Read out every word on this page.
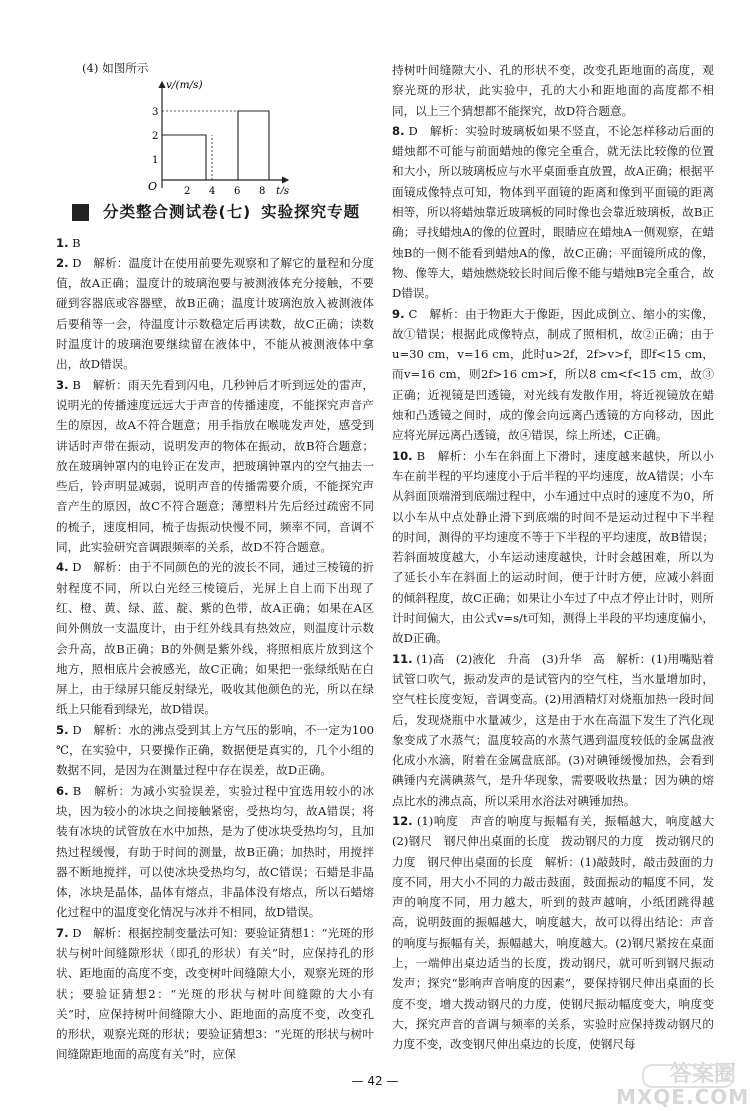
(4) 如图所示
v/(m/s)
t/s
O
1
2
3
2 4 6 8
分类整合测试卷(七) 实验探究专题

1. B

2. D　解析：温度计在使用前要先观察和了解它的量程和分度值，故A正确；温度计的玻璃泡要与被测液体充分接触，不要碰到容器底或容器壁，故B正确；温度计玻璃泡放入被测液体后要稍等一会，待温度计示数稳定后再读数，故C正确；读数时温度计的玻璃泡要继续留在液体中，不能从被测液体中拿出，故D错误。

3. B　解析：雨天先看到闪电，几秒钟后才听到远处的雷声，说明光的传播速度远远大于声音的传播速度，不能探究声音产生的原因，故A不符合题意；用手指放在喉咙发声处，感受到讲话时声带在振动，说明发声的物体在振动，故B符合题意；放在玻璃钟罩内的电铃正在发声，把玻璃钟罩内的空气抽去一些后，铃声明显减弱，说明声音的传播需要介质，不能探究声音产生的原因，故C不符合题意；薄塑料片先后经过疏密不同的梳子，速度相同，梳子齿振动快慢不同，频率不同，音调不同，此实验研究音调跟频率的关系，故D不符合题意。

4. D　解析：由于不同颜色的光的波长不同，通过三棱镜的折射程度不同，所以白光经三棱镜后，光屏上自上而下出现了红、橙、黄、绿、蓝、靛、紫的色带，故A正确；如果在A区间外侧放一支温度计，由于红外线具有热效应，则温度计示数会升高，故B正确；B的外侧是紫外线，将照相底片放到这个地方，照相底片会被感光，故C正确；如果把一张绿纸贴在白屏上，由于绿屏只能反射绿光，吸收其他颜色的光，所以在绿纸上只能看到绿光，故D错误。

5. D　解析：水的沸点受到其上方气压的影响，不一定为100 ℃，在实验中，只要操作正确，数据便是真实的，几个小组的数据不同，是因为在测量过程中存在误差，故D正确。

6. B　解析：为减小实验误差，实验过程中宜选用较小的冰块，因为较小的冰块之间接触紧密，受热均匀，故A错误；将装有冰块的试管放在水中加热，是为了使冰块受热均匀，且加热过程缓慢，有助于时间的测量，故B正确；加热时，用搅拌器不断地搅拌，可以使冰块受热均匀，故C错误；石蜡是非晶体，冰块是晶体，晶体有熔点，非晶体没有熔点，所以石蜡熔化过程中的温度变化情况与冰并不相同，故D错误。

7. D　解析：根据控制变量法可知：要验证猜想1：“光斑的形状与树叶间缝隙形状（即孔的形状）有关”时，应保持孔的形状、距地面的高度不变，改变树叶间缝隙大小，观察光斑的形状；要验证猜想2：“光斑的形状与树叶间缝隙的大小有关”时，应保持树叶间缝隙大小、距地面的高度不变，改变孔的形状，观察光斑的形状；要验证猜想3：“光斑的形状与树叶间缝隙距地面的高度有关”时，应保

持树叶间缝隙大小、孔的形状不变，改变孔距地面的高度，观察光斑的形状，此实验中，孔的大小和距地面的高度都不相同，以上三个猜想都不能探究，故D符合题意。

8. D　解析：实验时玻璃板如果不竖直，不论怎样移动后面的蜡烛都不可能与前面蜡烛的像完全重合，就无法比较像的位置和大小，所以玻璃板应与水平桌面垂直放置，故A正确；根据平面镜成像特点可知，物体到平面镜的距离和像到平面镜的距离相等，所以将蜡烛靠近玻璃板的同时像也会靠近玻璃板，故B正确；寻找蜡烛A的像的位置时，眼睛应在蜡烛A一侧观察，在蜡烛B的一侧不能看到蜡烛A的像，故C正确；平面镜所成的像，物、像等大，蜡烛燃烧较长时间后像不能与蜡烛B完全重合，故D错误。

9. C　解析：由于物距大于像距，因此成倒立、缩小的实像，故①错误；根据此成像特点，制成了照相机，故②正确；由于u=30 cm，v=16 cm，此时u>2f，2f>v>f，即f<15 cm，而v=16 cm，则2f>16 cm>f，所以8 cm<f<15 cm，故③正确；近视镜是凹透镜，对光线有发散作用，将近视镜放在蜡烛和凸透镜之间时，成的像会向远离凸透镜的方向移动，因此应将光屏远离凸透镜，故④错误，综上所述，C正确。

10. B　解析：小车在斜面上下滑时，速度越来越快，所以小车在前半程的平均速度小于后半程的平均速度，故A错误；小车从斜面顶端滑到底端过程中，小车通过中点时的速度不为0，所以小车从中点处静止滑下到底端的时间不是运动过程中下半程的时间，测得的平均速度不等于下半程的平均速度，故B错误；若斜面坡度越大，小车运动速度越快，计时会越困难，所以为了延长小车在斜面上的运动时间，便于计时方便，应减小斜面的倾斜程度，故C正确；如果让小车过了中点才停止计时，则所计时间偏大，由公式v=s/t可知，测得上半段的平均速度偏小，故D正确。

11. (1)高　(2)液化　升高　(3)升华　高　解析：(1)用嘴贴着试管口吹气，振动发声的是试管内的空气柱，当水量增加时，空气柱长度变短，音调变高。(2)用酒精灯对烧瓶加热一段时间后，发现烧瓶中水量减少，这是由于水在高温下发生了汽化现象变成了水蒸气；温度较高的水蒸气遇到温度较低的金属盘液化成小水滴，附着在金属盘底部。(3)对碘锤缓慢加热，会看到碘锤内充满碘蒸气，是升华现象，需要吸收热量；因为碘的熔点比水的沸点高，所以采用水浴法对碘锤加热。

12. (1)响度　声音的响度与振幅有关，振幅越大，响度越大　(2)钢尺　钢尺伸出桌面的长度　拨动钢尺的力度　拨动钢尺的力度　钢尺伸出桌面的长度　解析：(1)敲鼓时，敲击鼓面的力度不同，用大小不同的力敲击鼓面，鼓面振动的幅度不同，发声的响度不同，用力越大，听到的鼓声越响，小纸团跳得越高，说明鼓面的振幅越大，响度越大，故可以得出结论：声音的响度与振幅有关，振幅越大，响度越大。(2)钢尺紧按在桌面上，一端伸出桌边适当的长度，拨动钢尺，就可听到钢尺振动发声；探究“影响声音响度的因素”，要保持钢尺伸出桌面的长度不变，增大拨动钢尺的力度，使钢尺振动幅度变大，响度变大，探究声音的音调与频率的关系，实验时应保持拨动钢尺的力度不变，改变钢尺伸出桌边的长度，使钢尺每

— 42 —	答案圈
MXQE.COM
